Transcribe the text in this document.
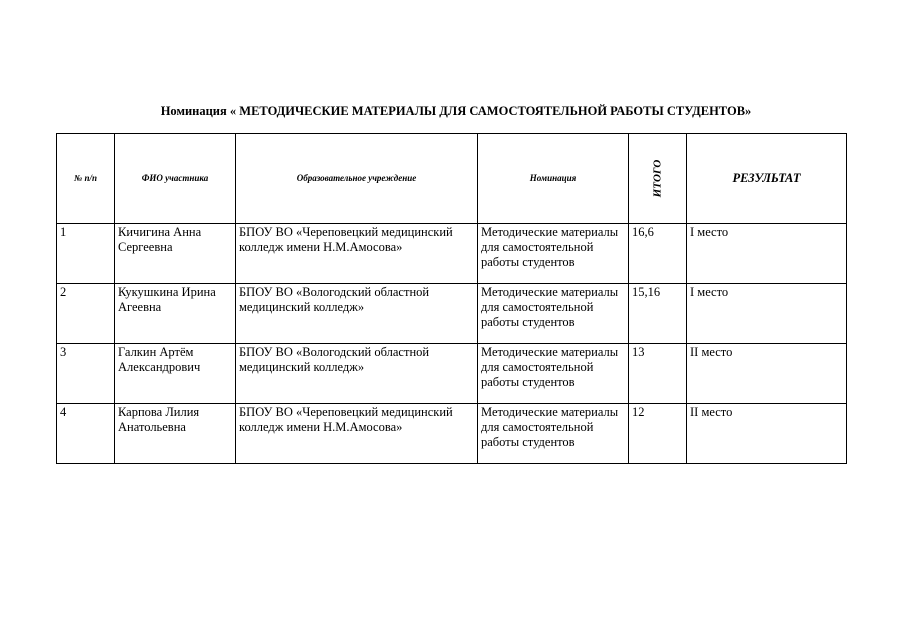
Номинация « МЕТОДИЧЕСКИЕ МАТЕРИАЛЫ ДЛЯ САМОСТОЯТЕЛЬНОЙ РАБОТЫ СТУДЕНТОВ»
№ п/п	ФИО участника	Образовательное учреждение	Номинация	ИТОГО	РЕЗУЛЬТАТ
1	Кичигина Анна Сергеевна	БПОУ ВО «Череповецкий медицинский колледж имени Н.М.Амосова»	Методические материалы для самостоятельной работы студентов	16,6	I место
2	Кукушкина Ирина Агеевна	БПОУ ВО «Вологодский областной медицинский колледж»	Методические материалы для самостоятельной работы студентов	15,16	I место
3	Галкин Артём Александрович	БПОУ ВО «Вологодский областной медицинский колледж»	Методические материалы для самостоятельной работы студентов	13	II место
4	Карпова Лилия Анатольевна	БПОУ ВО «Череповецкий медицинский колледж имени Н.М.Амосова»	Методические материалы для самостоятельной работы студентов	12	II место
